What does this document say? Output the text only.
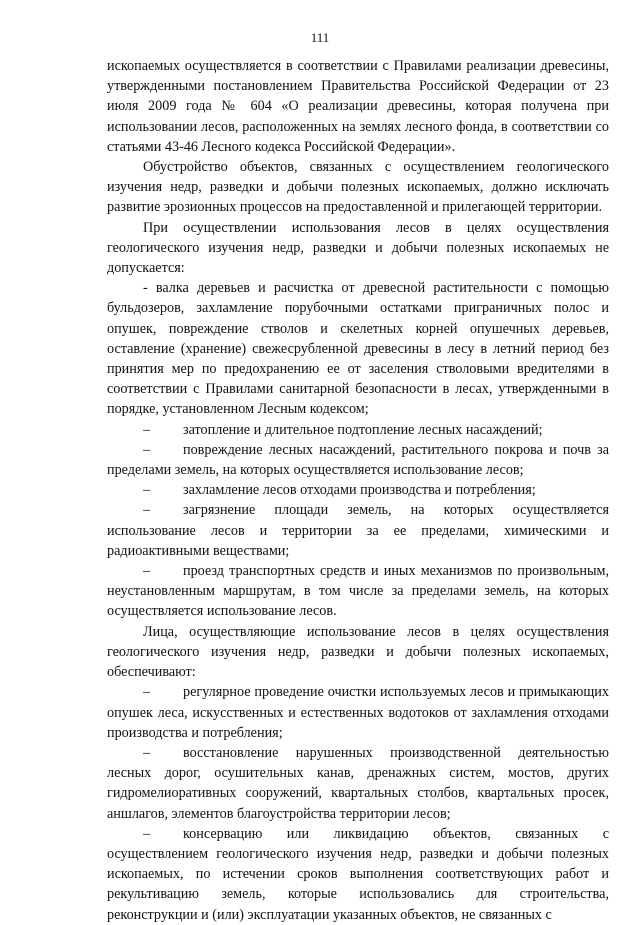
111

ископаемых осуществляется в соответствии с Правилами реализации древесины, утвержденными постановлением Правительства Российской Федерации от 23 июля 2009 года № 604 «О реализации древесины, которая получена при использовании лесов, расположенных на землях лесного фонда, в соответствии со статьями 43-46 Лесного кодекса Российской Федерации».

Обустройство объектов, связанных с осуществлением геологического изучения недр, разведки и добычи полезных ископаемых, должно исключать развитие эрозионных процессов на предоставленной и прилегающей территории.

При осуществлении использования лесов в целях осуществления геологического изучения недр, разведки и добычи полезных ископаемых не допускается:

- валка деревьев и расчистка от древесной растительности с помощью бульдозеров, захламление порубочными остатками приграничных полос и опушек, повреждение стволов и скелетных корней опушечных деревьев, оставление (хранение) свежесрубленной древесины в лесу в летний период без принятия мер по предохранению ее от заселения стволовыми вредителями в соответствии с Правилами санитарной безопасности в лесах, утвержденными в порядке, установленном Лесным кодексом;

– затопление и длительное подтопление лесных насаждений;

– повреждение лесных насаждений, растительного покрова и почв за пределами земель, на которых осуществляется использование лесов;

– захламление лесов отходами производства и потребления;

– загрязнение площади земель, на которых осуществляется использование лесов и территории за ее пределами, химическими и радиоактивными веществами;

– проезд транспортных средств и иных механизмов по произвольным, неустановленным маршрутам, в том числе за пределами земель, на которых осуществляется использование лесов.

Лица, осуществляющие использование лесов в целях осуществления геологического изучения недр, разведки и добычи полезных ископаемых, обеспечивают:

– регулярное проведение очистки используемых лесов и примыкающих опушек леса, искусственных и естественных водотоков от захламления отходами производства и потребления;

– восстановление нарушенных производственной деятельностью лесных дорог, осушительных канав, дренажных систем, мостов, других гидромелиоративных сооружений, квартальных столбов, квартальных просек, аншлагов, элементов благоустройства территории лесов;

– консервацию или ликвидацию объектов, связанных с осуществлением геологического изучения недр, разведки и добычи полезных ископаемых, по истечении сроков выполнения соответствующих работ и рекультивацию земель, которые использовались для строительства, реконструкции и (или) эксплуатации указанных объектов, не связанных с
